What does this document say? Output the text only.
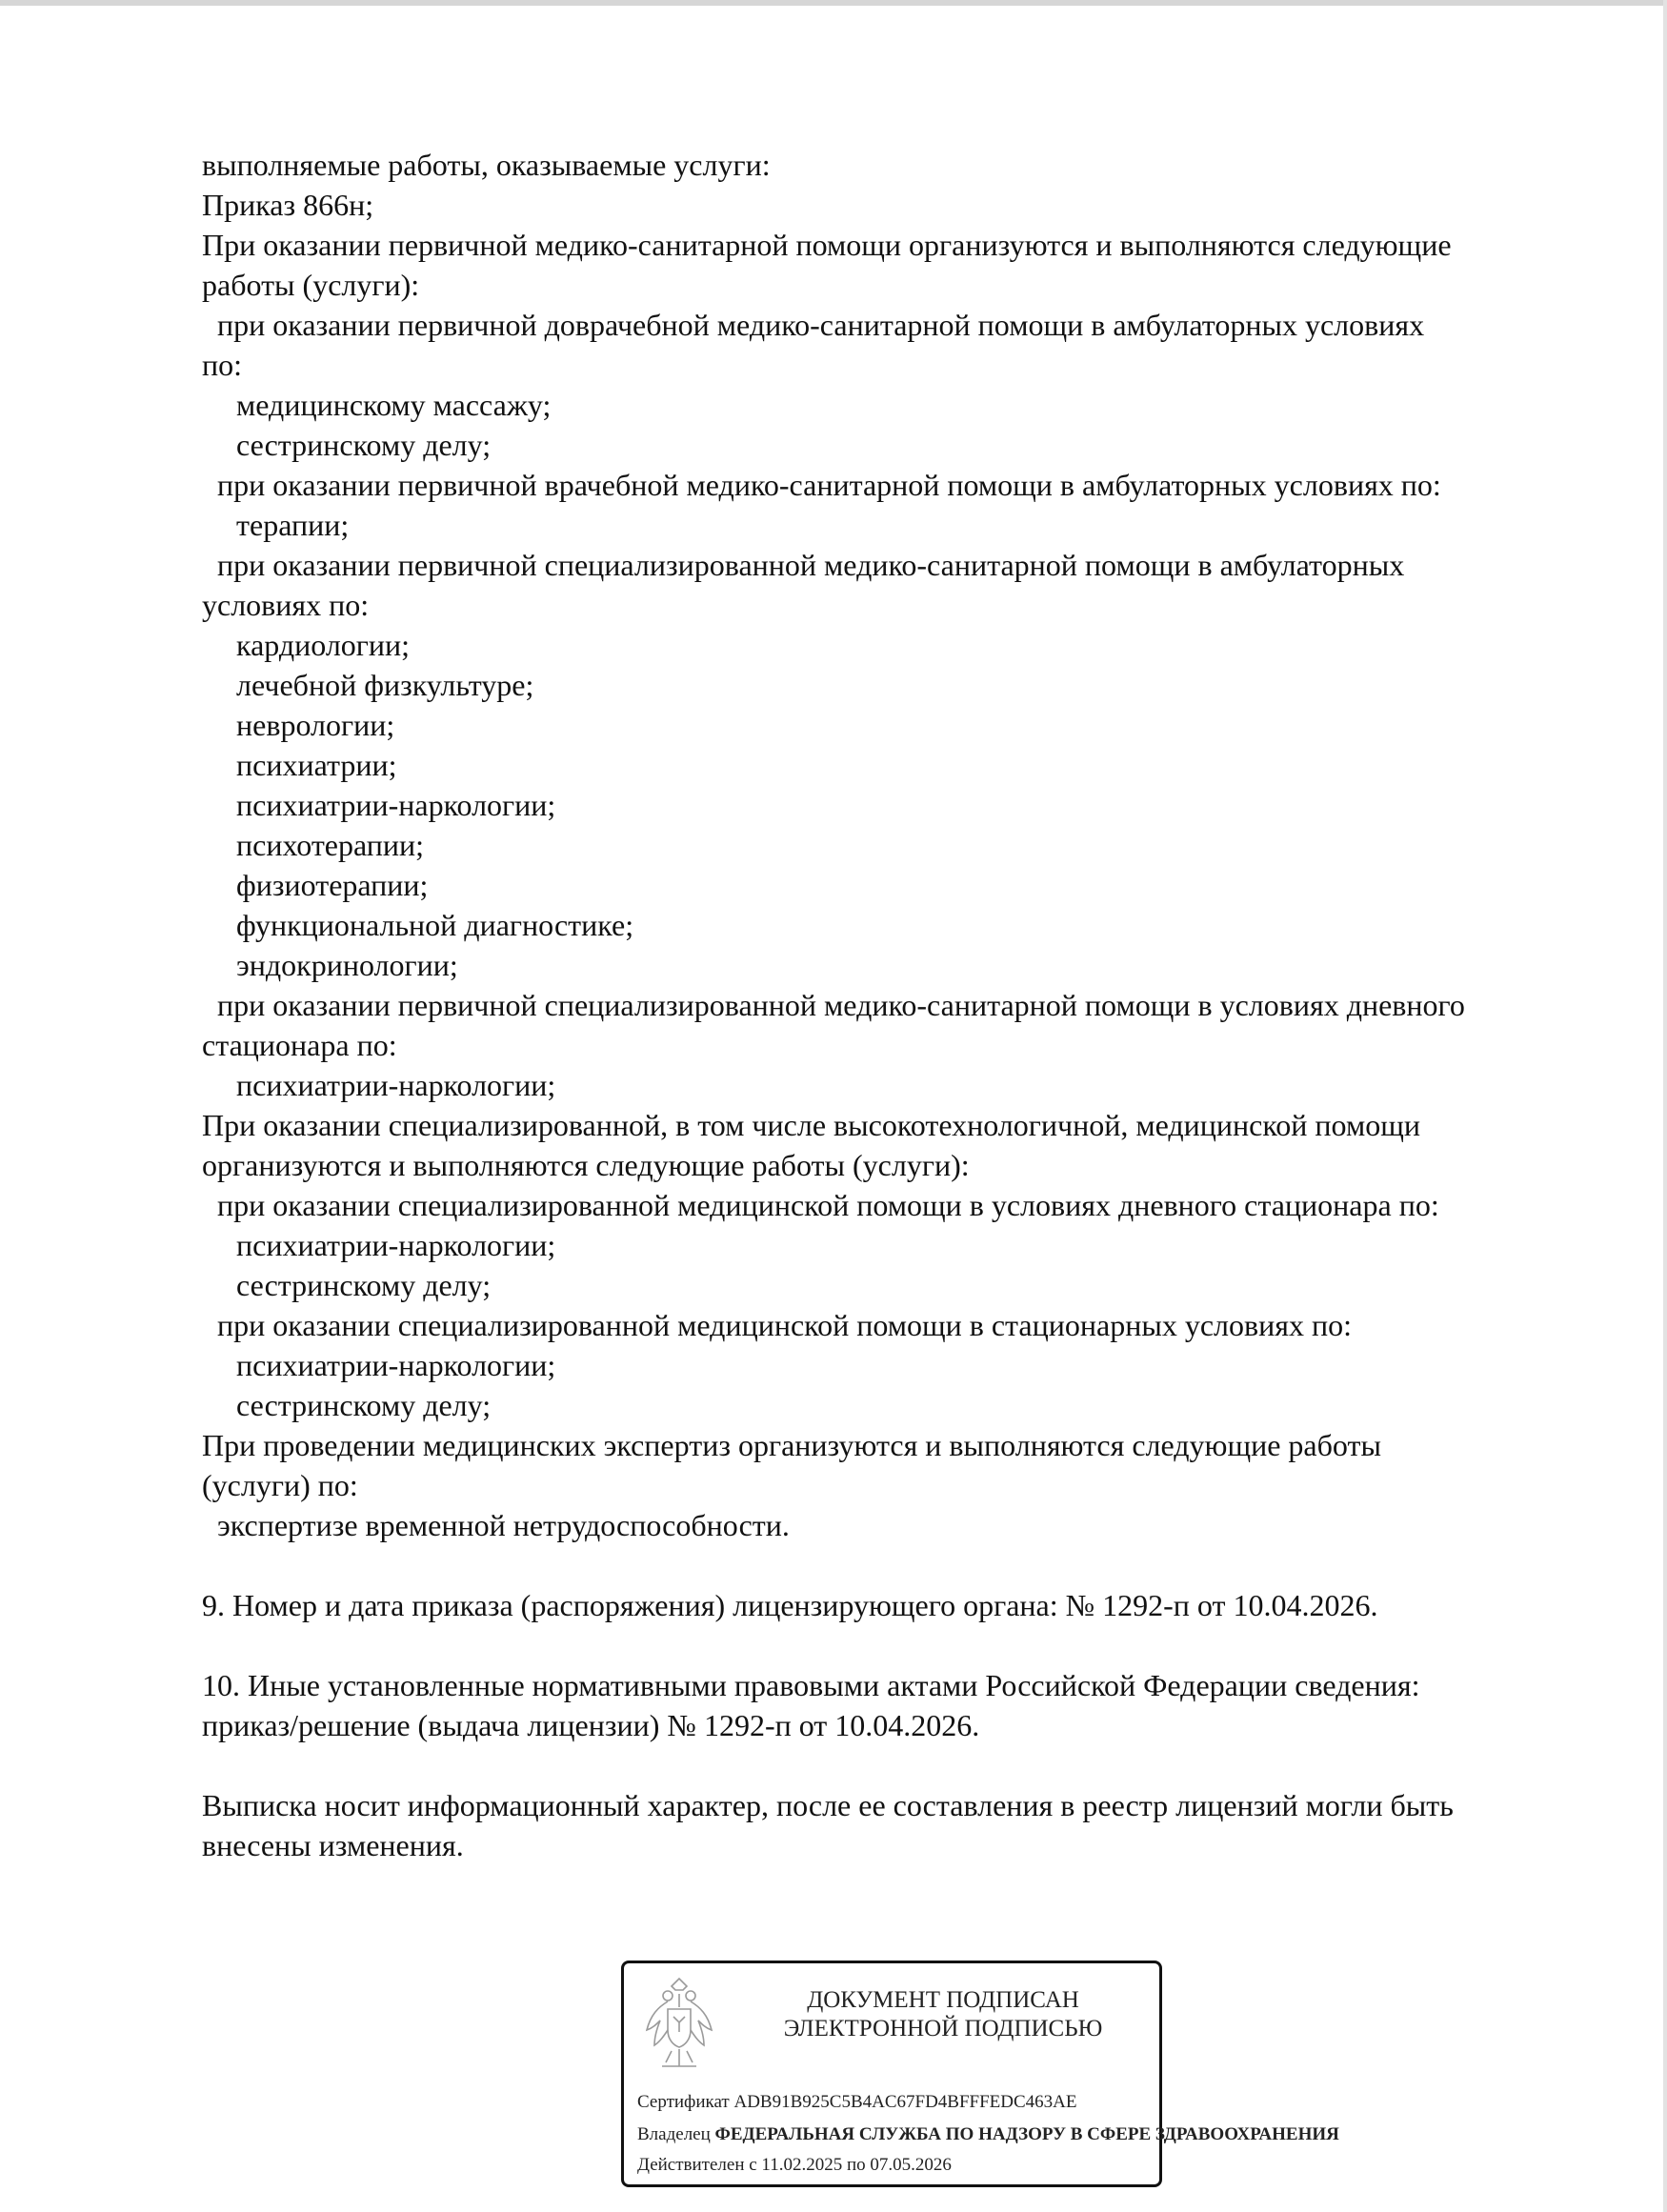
выполняемые работы, оказываемые услуги:
Приказ 866н;
При оказании первичной медико-санитарной помощи организуются и выполняются следующие
работы (услуги):
при оказании первичной доврачебной медико-санитарной помощи в амбулаторных условиях
по:
медицинскому массажу;
сестринскому делу;
при оказании первичной врачебной медико-санитарной помощи в амбулаторных условиях по:
терапии;
при оказании первичной специализированной медико-санитарной помощи в амбулаторных
условиях по:
кардиологии;
лечебной физкультуре;
неврологии;
психиатрии;
психиатрии-наркологии;
психотерапии;
физиотерапии;
функциональной диагностике;
эндокринологии;
при оказании первичной специализированной медико-санитарной помощи в условиях дневного
стационара по:
психиатрии-наркологии;
При оказании специализированной, в том числе высокотехнологичной, медицинской помощи
организуются и выполняются следующие работы (услуги):
при оказании специализированной медицинской помощи в условиях дневного стационара по:
психиатрии-наркологии;
сестринскому делу;
при оказании специализированной медицинской помощи в стационарных условиях по:
психиатрии-наркологии;
сестринскому делу;
При проведении медицинских экспертиз организуются и выполняются следующие работы
(услуги) по:
экспертизе временной нетрудоспособности.
9. Номер и дата приказа (распоряжения) лицензирующего органа: № 1292-п от 10.04.2026.
10. Иные установленные нормативными правовыми актами Российской Федерации сведения:
приказ/решение (выдача лицензии) № 1292-п от 10.04.2026.
Выписка носит информационный характер, после ее составления в реестр лицензий могли быть
внесены изменения.
ДОКУМЕНТ ПОДПИСАН
ЭЛЕКТРОННОЙ ПОДПИСЬЮ
Сертификат ADB91B925C5B4AC67FD4BFFFEDC463AE
Владелец ФЕДЕРАЛЬНАЯ СЛУЖБА ПО НАДЗОРУ В СФЕРЕ ЗДРАВООХРАНЕНИЯ
Действителен с 11.02.2025 по 07.05.2026
